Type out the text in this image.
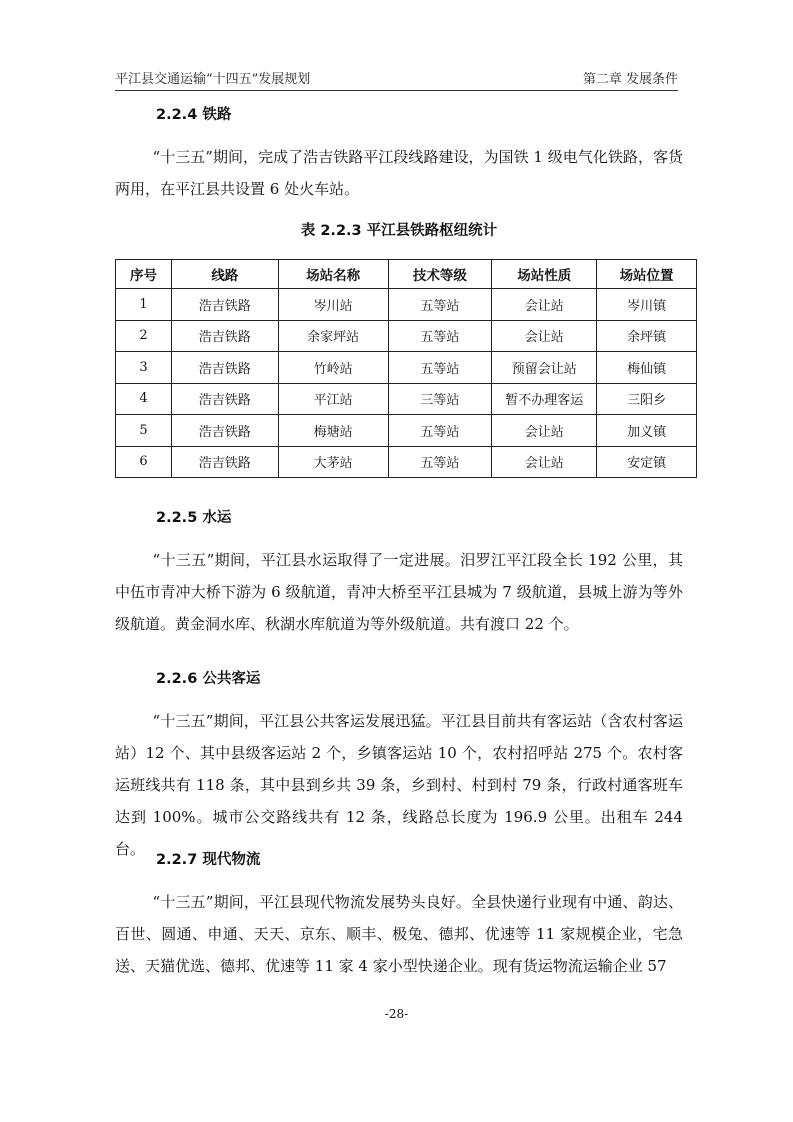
平江县交通运输“十四五”发展规划	第二章 发展条件
2.2.4 铁路

“十三五”期间，完成了浩吉铁路平江段线路建设，为国铁 1 级电气化铁路，客货两用，在平江县共设置 6 处火车站。

表 2.2.3 平江县铁路枢纽统计
序号	线路	场站名称	技术等级	场站性质	场站位置
1	浩吉铁路	岑川站	五等站	会让站	岑川镇
2	浩吉铁路	余家坪站	五等站	会让站	余坪镇
3	浩吉铁路	竹岭站	五等站	预留会让站	梅仙镇
4	浩吉铁路	平江站	三等站	暂不办理客运	三阳乡
5	浩吉铁路	梅塘站	五等站	会让站	加义镇
6	浩吉铁路	大茅站	五等站	会让站	安定镇
2.2.5 水运

“十三五”期间，平江县水运取得了一定进展。汨罗江平江段全长 192 公里，其中伍市青冲大桥下游为 6 级航道，青冲大桥至平江县城为 7 级航道，县城上游为等外级航道。黄金洞水库、秋湖水库航道为等外级航道。共有渡口 22 个。

2.2.6 公共客运

“十三五”期间，平江县公共客运发展迅猛。平江县目前共有客运站（含农村客运站）12 个、其中县级客运站 2 个，乡镇客运站 10 个，农村招呼站 275 个。农村客运班线共有 118 条，其中县到乡共 39 条，乡到村、村到村 79 条，行政村通客班车达到 100%。城市公交路线共有 12 条，线路总长度为 196.9 公里。出租车 244 台。

2.2.7 现代物流

“十三五”期间，平江县现代物流发展势头良好。全县快递行业现有中通、韵达、百世、圆通、申通、天天、京东、顺丰、极兔、德邦、优速等 11 家规模企业，宅急送、天猫优选、德邦、优速等 11 家 4 家小型快递企业。现有货运物流运输企业 57

-28-
